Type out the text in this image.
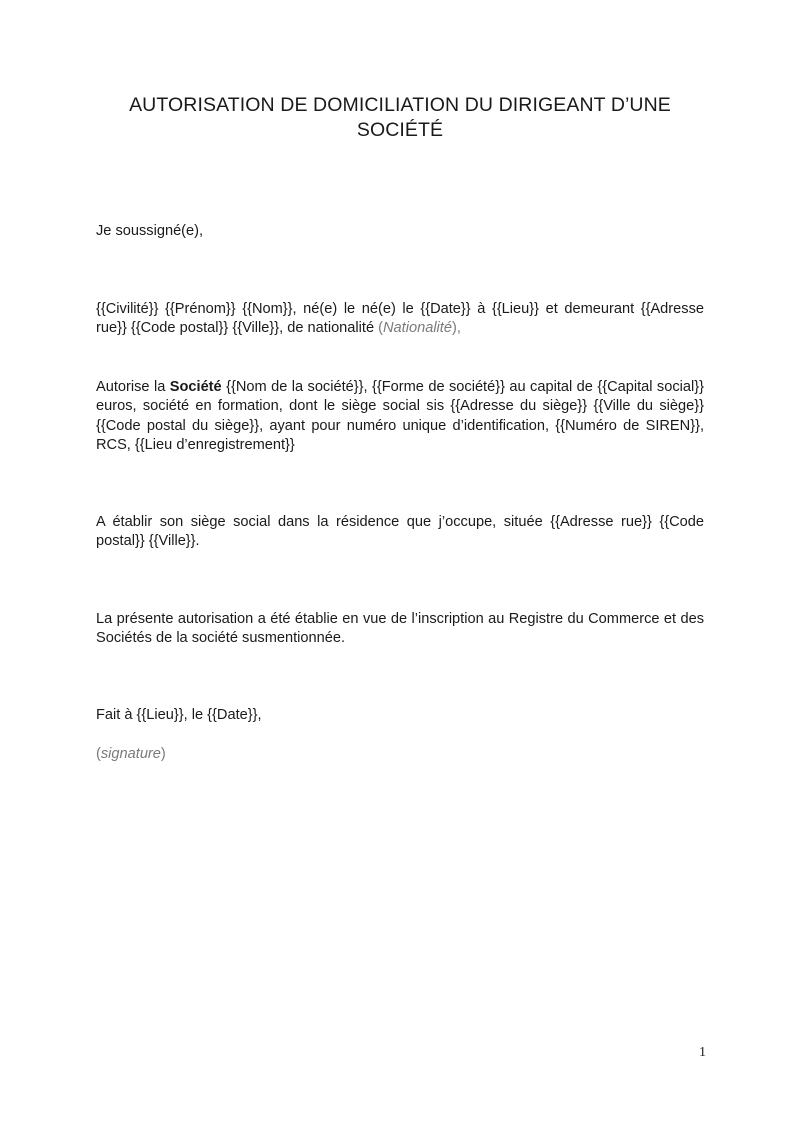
AUTORISATION DE DOMICILIATION DU DIRIGEANT D’UNE
SOCIÉTÉ
Je soussigné(e),
{{Civilité}} {{Prénom}} {{Nom}}, né(e) le né(e) le {{Date}} à {{Lieu}} et demeurant {{Adresse rue}} {{Code postal}} {{Ville}}, de nationalité (Nationalité),
Autorise la Société {{Nom de la société}}, {{Forme de société}} au capital de {{Capital social}} euros, société en formation, dont le siège social sis {{Adresse du siège}} {{Ville du siège}} {{Code postal du siège}}, ayant pour numéro unique d’identification, {{Numéro de SIREN}}, RCS, {{Lieu d’enregistrement}}
A établir son siège social dans la résidence que j’occupe, située {{Adresse rue}} {{Code postal}} {{Ville}}.
La présente autorisation a été établie en vue de l’inscription au Registre du Commerce et des Sociétés de la société susmentionnée.
Fait à {{Lieu}}, le {{Date}},
(signature)
1
